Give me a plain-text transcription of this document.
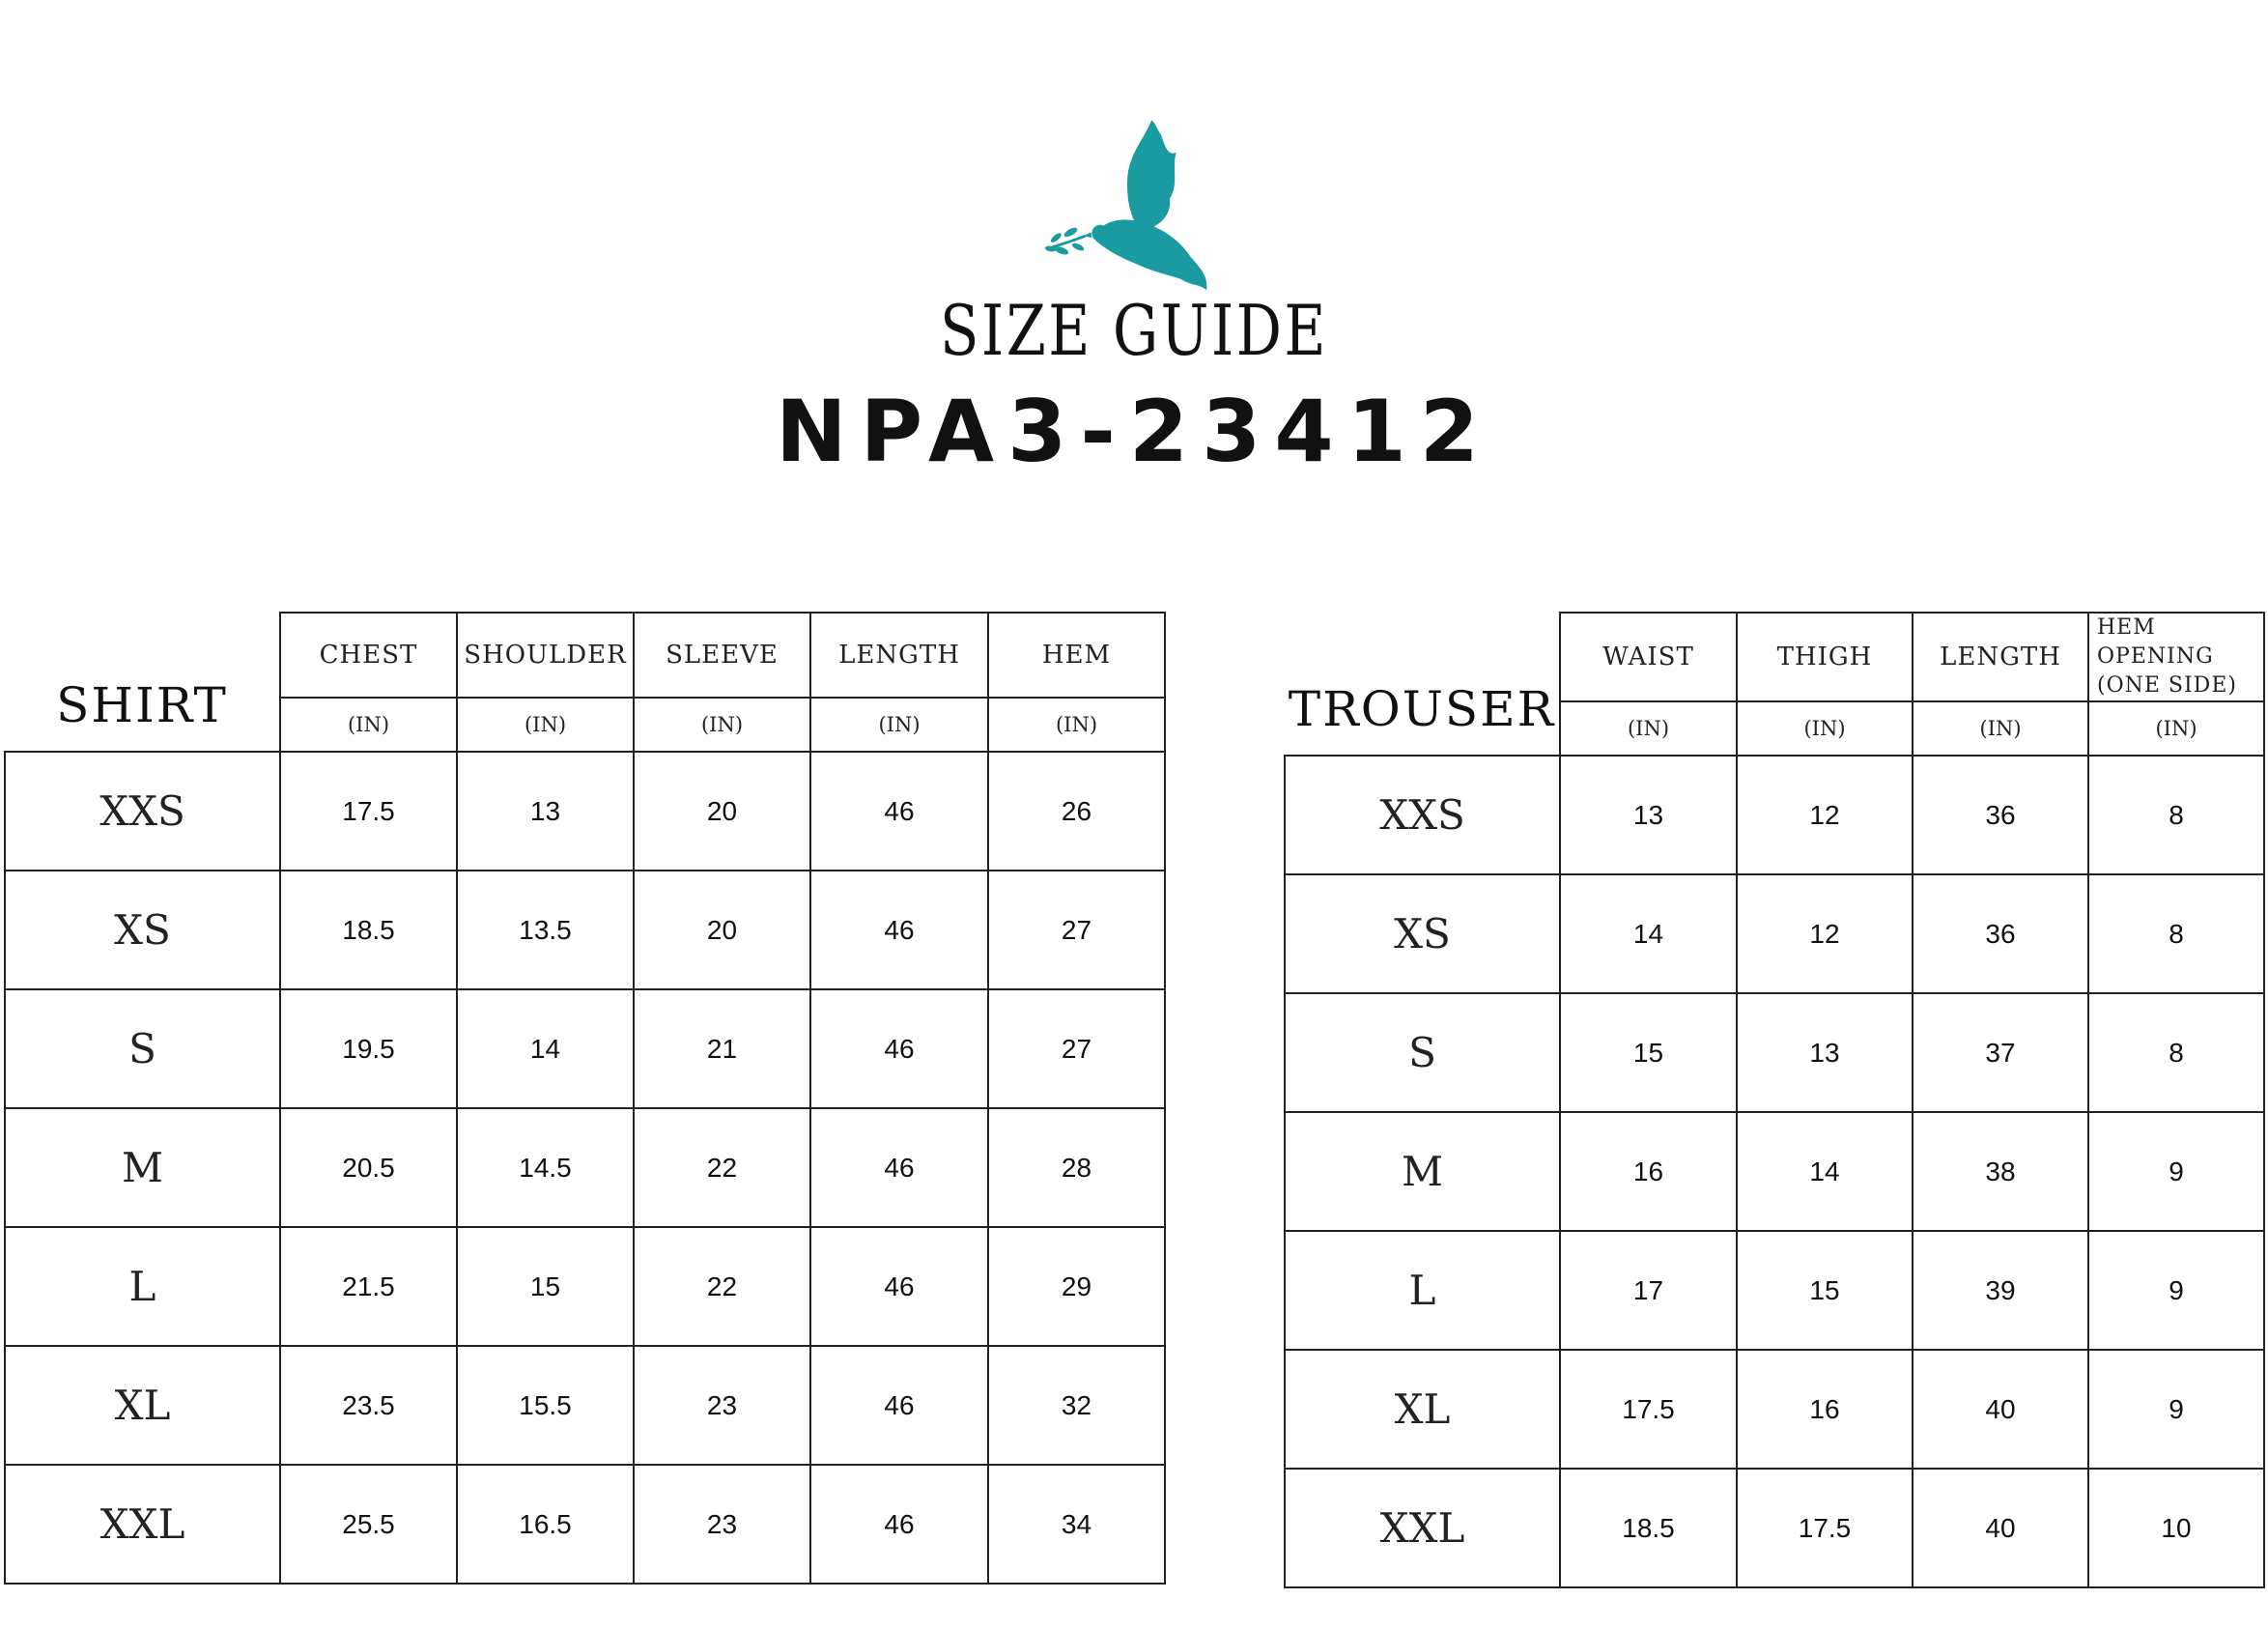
SIZE GUIDE
NPA3-23412
SHIRT	CHEST	SHOULDER	SLEEVE	LENGTH	HEM
	(IN)	(IN)	(IN)	(IN)	(IN)
XXS	17.5	13	20	46	26
XS	18.5	13.5	20	46	27
S	19.5	14	21	46	27
M	20.5	14.5	22	46	28
L	21.5	15	22	46	29
XL	23.5	15.5	23	46	32
XXL	25.5	16.5	23	46	34
TROUSER	WAIST	THIGH	LENGTH	HEM OPENING
(ONE SIDE)
	(IN)	(IN)	(IN)	(IN)
XXS	13	12	36	8
XS	14	12	36	8
S	15	13	37	8
M	16	14	38	9
L	17	15	39	9
XL	17.5	16	40	9
XXL	18.5	17.5	40	10
